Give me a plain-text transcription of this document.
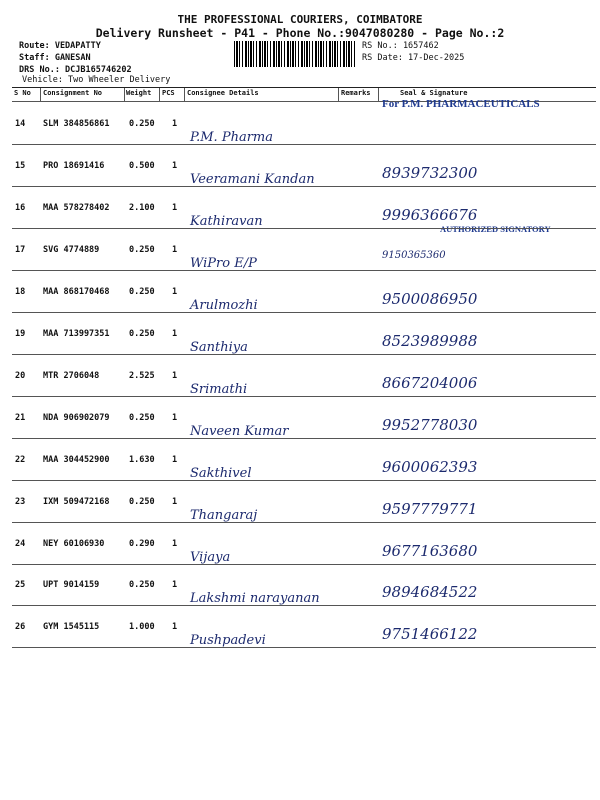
THE PROFESSIONAL COURIERS, COIMBATORE
Delivery Runsheet - P41 - Phone No.:9047080280 - Page No.:2
Route: VEDAPATTY
Staff: GANESAN
DRS No.: DCJB165746202
Vehicle: Two Wheeler Delivery
RS No.: 1657462
RS Date: 17-Dec-2025
S No Consignment No	Weight PCS Consignee Details	Remarks	Seal & Signature
For P.M. PHARMACEUTICALS
AUTHORIZED SIGNATORY
14 SLM 384856861 0.250 1
P.M. Pharma
15 PRO 18691416	0.500 1
Veeramani Kandan	8939732300
16 MAA 578278402 2.100 1
Kathiravan	9996366676
17 SVG 4774889	0.250 1
WiPro E/P
9150365360
18 MAA 868170468 0.250 1
Arulmozhi	9500086950
19 MAA 713997351 0.250 1
Santhiya	8523989988
20 MTR 2706048	2.525 1
Srimathi	8667204006
21 NDA 906902079 0.250 1
Naveen Kumar	9952778030
22 MAA 304452900 1.630 1
Sakthivel	9600062393
23 IXM 509472168 0.250 1
Thangaraj	9597779771
24 NEY 60106930	0.290 1
Vijaya	9677163680
25 UPT 9014159	0.250 1
Lakshmi narayanan	9894684522
26 GYM 1545115	1.000 1
Pushpadevi	9751466122
